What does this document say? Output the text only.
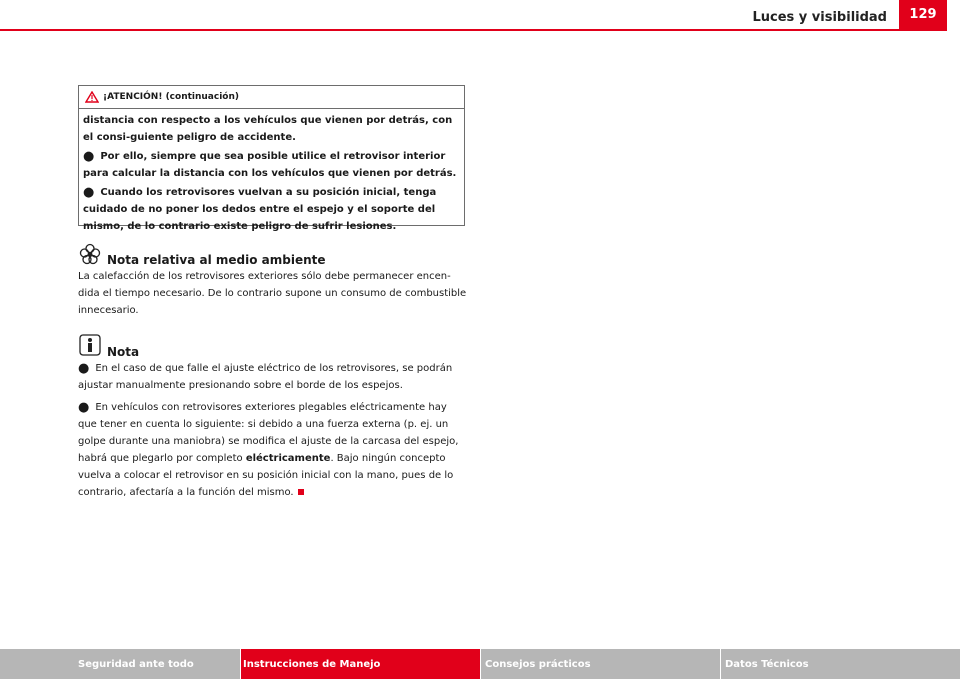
Luces y visibilidad	129
¡ATENCIÓN! (continuación)

distancia con respecto a los vehículos que vienen por detrás, con el consi-guiente peligro de accidente.

● Por ello, siempre que sea posible utilice el retrovisor interior para calcular la distancia con los vehículos que vienen por detrás.

● Cuando los retrovisores vuelvan a su posición inicial, tenga cuidado de no poner los dedos entre el espejo y el soporte del mismo, de lo contrario existe peligro de sufrir lesiones.

Nota relativa al medio ambiente

La calefacción de los retrovisores exteriores sólo debe permanecer encen-dida el tiempo necesario. De lo contrario supone un consumo de combustible innecesario.

Nota

● En el caso de que falle el ajuste eléctrico de los retrovisores, se podrán ajustar manualmente presionando sobre el borde de los espejos.

● En vehículos con retrovisores exteriores plegables eléctricamente hay que tener en cuenta lo siguiente: si debido a una fuerza externa (p. ej. un golpe durante una maniobra) se modifica el ajuste de la carcasa del espejo, habrá que plegarlo por completo eléctricamente. Bajo ningún concepto vuelva a colocar el retrovisor en su posición inicial con la mano, pues de lo contrario, afectaría a la función del mismo.

Seguridad ante todo	Instrucciones de Manejo	Consejos prácticos	Datos Técnicos
